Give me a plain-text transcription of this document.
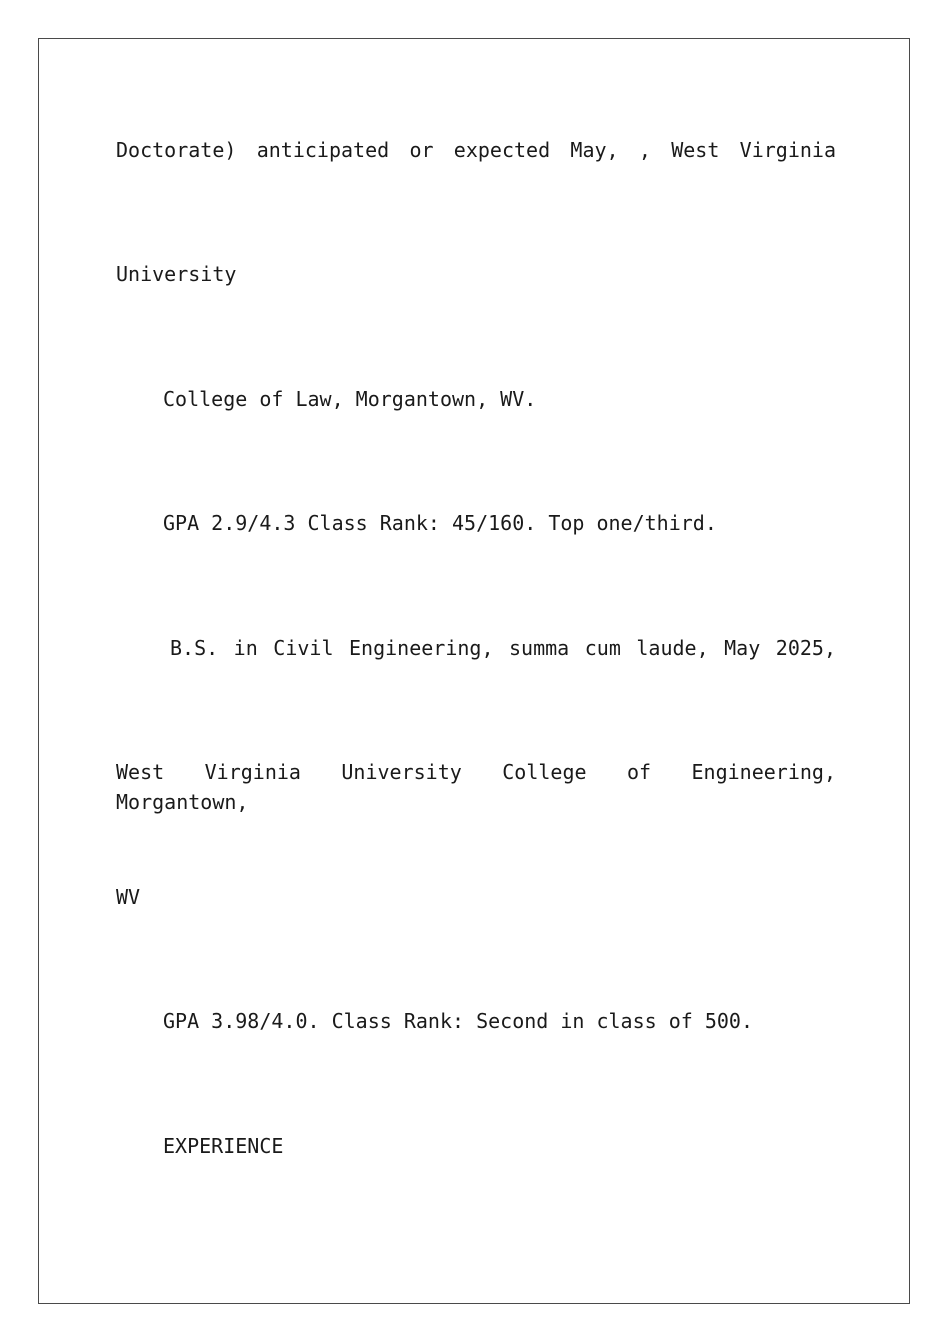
Doctorate) anticipated or expected May, , West Virginia

University

College of Law, Morgantown, WV.

GPA 2.9/4.3 Class Rank: 45/160. Top one/third.

B.S. in Civil Engineering, summa cum laude, May 2025,

West Virginia University College of Engineering, Morgantown,

WV

GPA 3.98/4.0. Class Rank: Second in class of 500.

EXPERIENCE
